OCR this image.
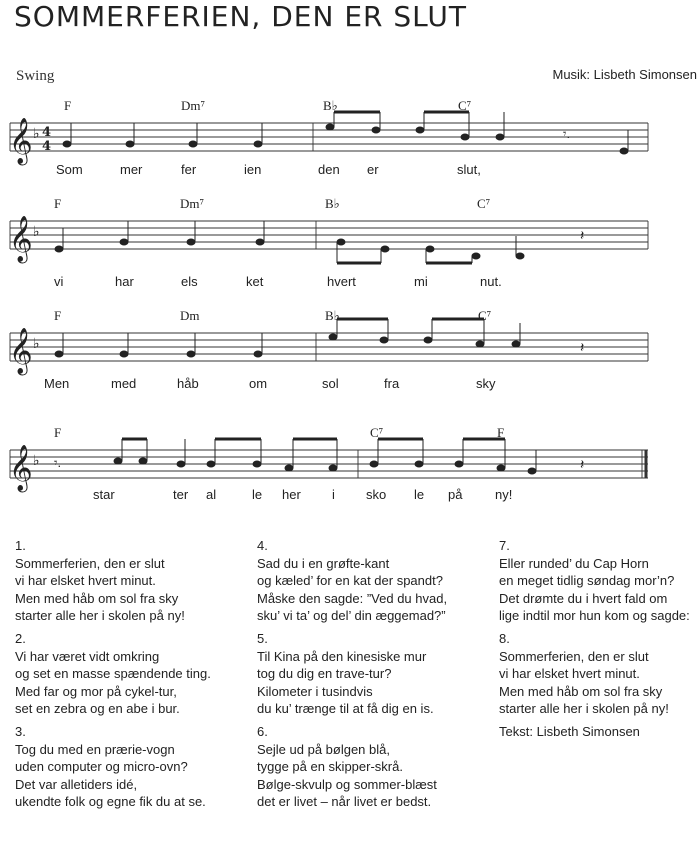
SOMMERFERIEN, DEN ER SLUT
Swing	Musik: Lisbeth Simonsen
F	Dm⁷	B♭	C⁷
𝄞 ♭ 4
4
𝄾.
Som	mer	fer	ien	den er	slut,
F	Dm⁷	B♭	C⁷
𝄞 ♭	𝄽
vi	har	els	ket	hvert	mi	nut.
F	Dm	B♭	C⁷
𝄞 ♭	𝄽
Men	med	håb	om	sol	fra	sky
F	C⁷	F
𝄞 ♭ 𝄾.	𝄽
star	ter al	le her i sko le på	ny!
1.
Sommerferien, den er slut
vi har elsket hvert minut.
Men med håb om sol fra sky
starter alle her i skolen på ny!
2.
Vi har været vidt omkring
og set en masse spændende ting.
Med far og mor på cykel-tur,
set en zebra og en abe i bur.
3.
Tog du med en prærie-vogn
uden computer og micro-ovn?
Det var alletiders idé,
ukendte folk og egne fik du at se.
4.
Sad du i en grøfte-kant
og kæled’ for en kat der spandt?
Måske den sagde: ”Ved du hvad,
sku’ vi ta’ og del’ din æggemad?”
5.
Til Kina på den kinesiske mur
tog du dig en trave-tur?
Kilometer i tusindvis
du ku’ trænge til at få dig en is.
6.
Sejle ud på bølgen blå,
tygge på en skipper-skrå.
Bølge-skvulp og sommer-blæst
det er livet – når livet er bedst.
7.
Eller runded’ du Cap Horn
en meget tidlig søndag mor’n?
Det drømte du i hvert fald om
lige indtil mor hun kom og sagde:
8.
Sommerferien, den er slut
vi har elsket hvert minut.
Men med håb om sol fra sky
starter alle her i skolen på ny!
Tekst: Lisbeth Simonsen
